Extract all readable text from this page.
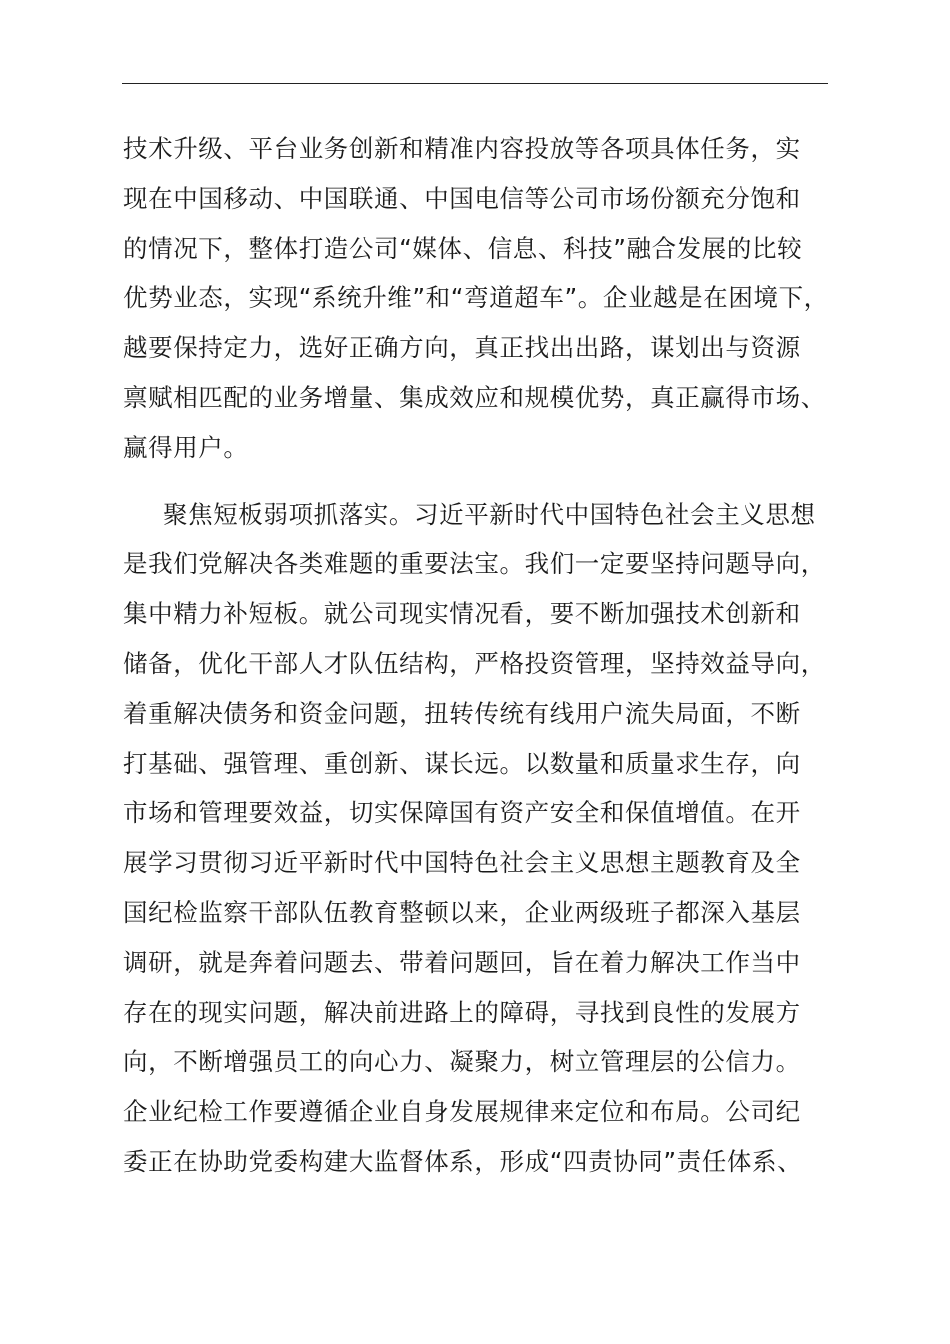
技术升级、平台业务创新和精准内容投放等各项具体任务，实
现在中国移动、中国联通、中国电信等公司市场份额充分饱和
的情况下，整体打造公司“媒体、信息、科技”融合发展的比较
优势业态，实现“系统升维”和“弯道超车”。企业越是在困境下，
越要保持定力，选好正确方向，真正找出出路，谋划出与资源
禀赋相匹配的业务增量、集成效应和规模优势，真正赢得市场、
赢得用户。

聚焦短板弱项抓落实。习近平新时代中国特色社会主义思想
是我们党解决各类难题的重要法宝。我们一定要坚持问题导向，
集中精力补短板。就公司现实情况看，要不断加强技术创新和
储备，优化干部人才队伍结构，严格投资管理，坚持效益导向，
着重解决债务和资金问题，扭转传统有线用户流失局面，不断
打基础、强管理、重创新、谋长远。以数量和质量求生存，向
市场和管理要效益，切实保障国有资产安全和保值增值。在开
展学习贯彻习近平新时代中国特色社会主义思想主题教育及全
国纪检监察干部队伍教育整顿以来，企业两级班子都深入基层
调研，就是奔着问题去、带着问题回，旨在着力解决工作当中
存在的现实问题，解决前进路上的障碍，寻找到良性的发展方
向，不断增强员工的向心力、凝聚力，树立管理层的公信力。
企业纪检工作要遵循企业自身发展规律来定位和布局。公司纪
委正在协助党委构建大监督体系，形成“四责协同”责任体系、
